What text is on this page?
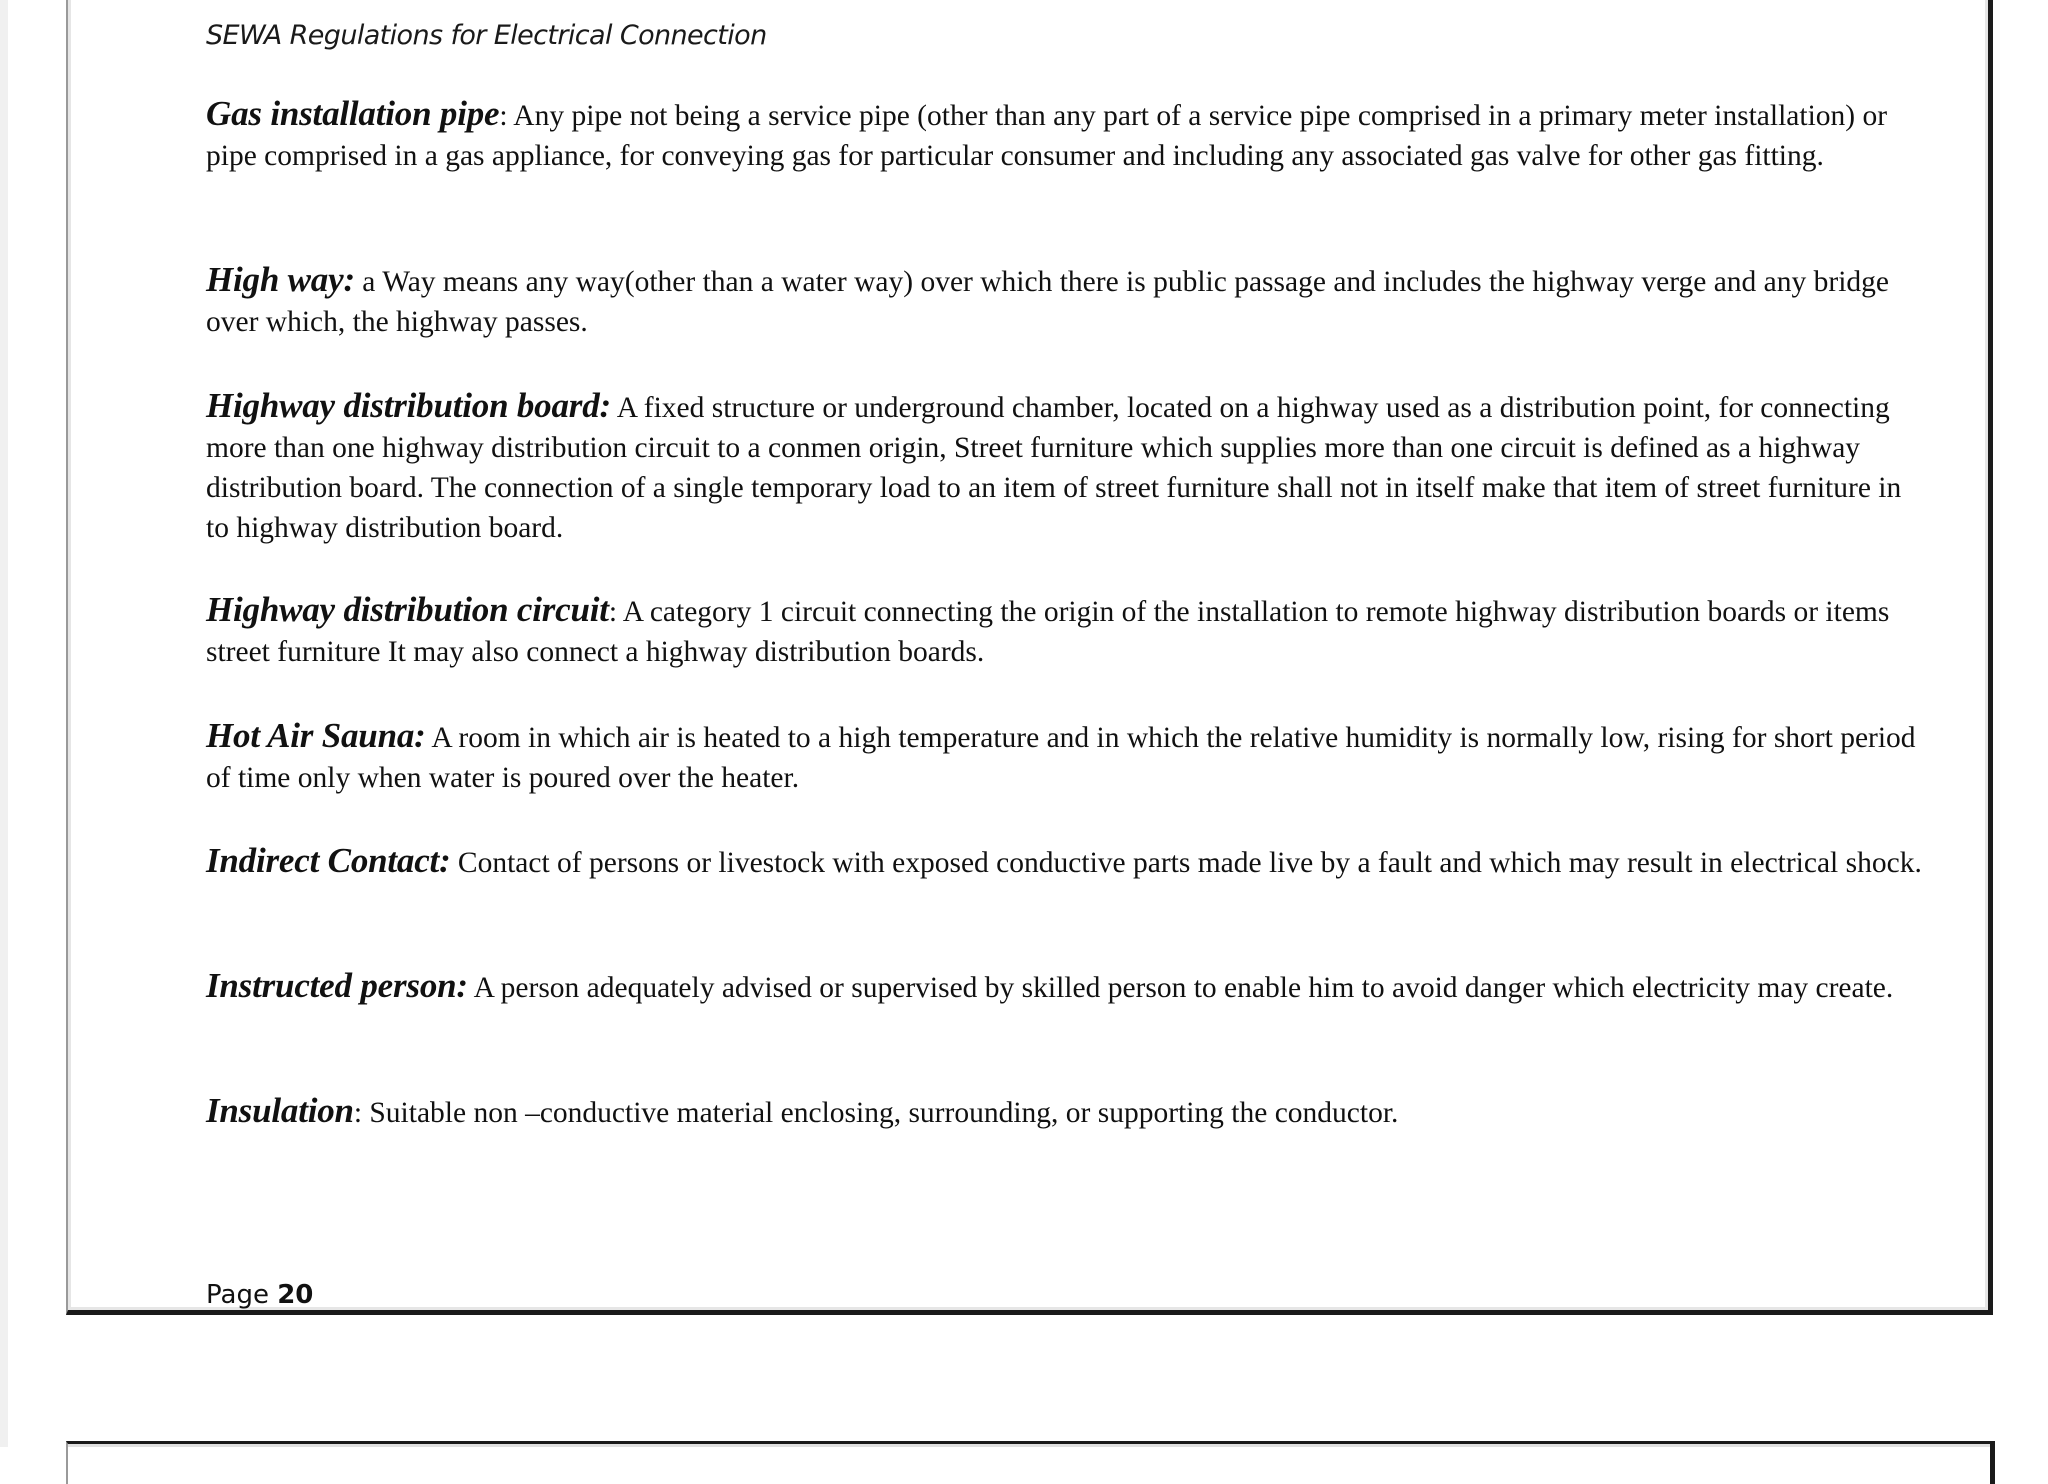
SEWA Regulations for Electrical Connection

Gas installation pipe: Any pipe not being a service pipe (other than any part of a service pipe comprised in a primary meter installation) or pipe comprised in a gas appliance, for conveying gas for particular consumer and including any associated gas valve for other gas fitting.

High way: a Way means any way(other than a water way) over which there is public passage and includes the highway verge and any bridge over which, the highway passes.

Highway distribution board: A fixed structure or underground chamber, located on a highway used as a distribution point, for connecting more than one highway distribution circuit to a conmen origin, Street furniture which supplies more than one circuit is defined as a highway distribution board. The connection of a single temporary load to an item of street furniture shall not in itself make that item of street furniture in to highway distribution board.

Highway distribution circuit: A category 1 circuit connecting the origin of the installation to remote highway distribution boards or items street furniture It may also connect a highway distribution boards.

Hot Air Sauna: A room in which air is heated to a high temperature and in which the relative humidity is normally low, rising for short period of time only when water is poured over the heater.

Indirect Contact: Contact of persons or livestock with exposed conductive parts made live by a fault and which may result in electrical shock.

Instructed person: A person adequately advised or supervised by skilled person to enable him to avoid danger which electricity may create.

Insulation: Suitable non –conductive material enclosing, surrounding, or supporting the conductor.

Page 20
